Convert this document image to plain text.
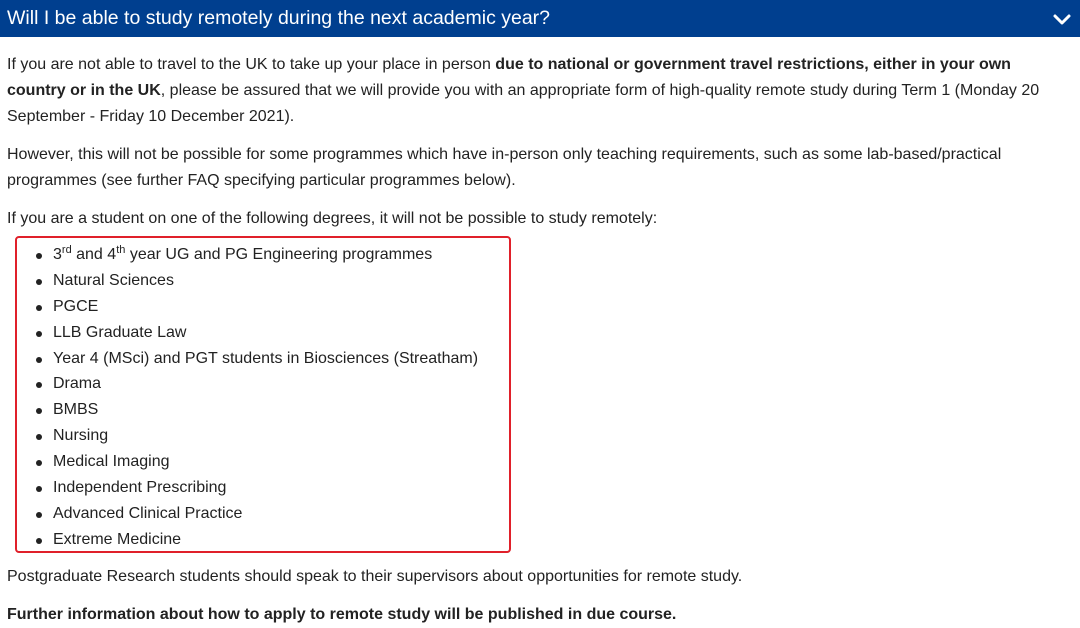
Will I be able to study remotely during the next academic year?

If you are not able to travel to the UK to take up your place in person due to national or government travel restrictions, either in your own country or in the UK, please be assured that we will provide you with an appropriate form of high-quality remote study during Term 1 (Monday 20 September - Friday 10 December 2021).

However, this will not be possible for some programmes which have in-person only teaching requirements, such as some lab-based/practical programmes (see further FAQ specifying particular programmes below).

If you are a student on one of the following degrees, it will not be possible to study remotely:

3rd and 4th year UG and PG Engineering programmes
Natural Sciences
PGCE
LLB Graduate Law
Year 4 (MSci) and PGT students in Biosciences (Streatham)
Drama
BMBS
Nursing
Medical Imaging
Independent Prescribing
Advanced Clinical Practice
Extreme Medicine

Postgraduate Research students should speak to their supervisors about opportunities for remote study.

Further information about how to apply to remote study will be published in due course.
